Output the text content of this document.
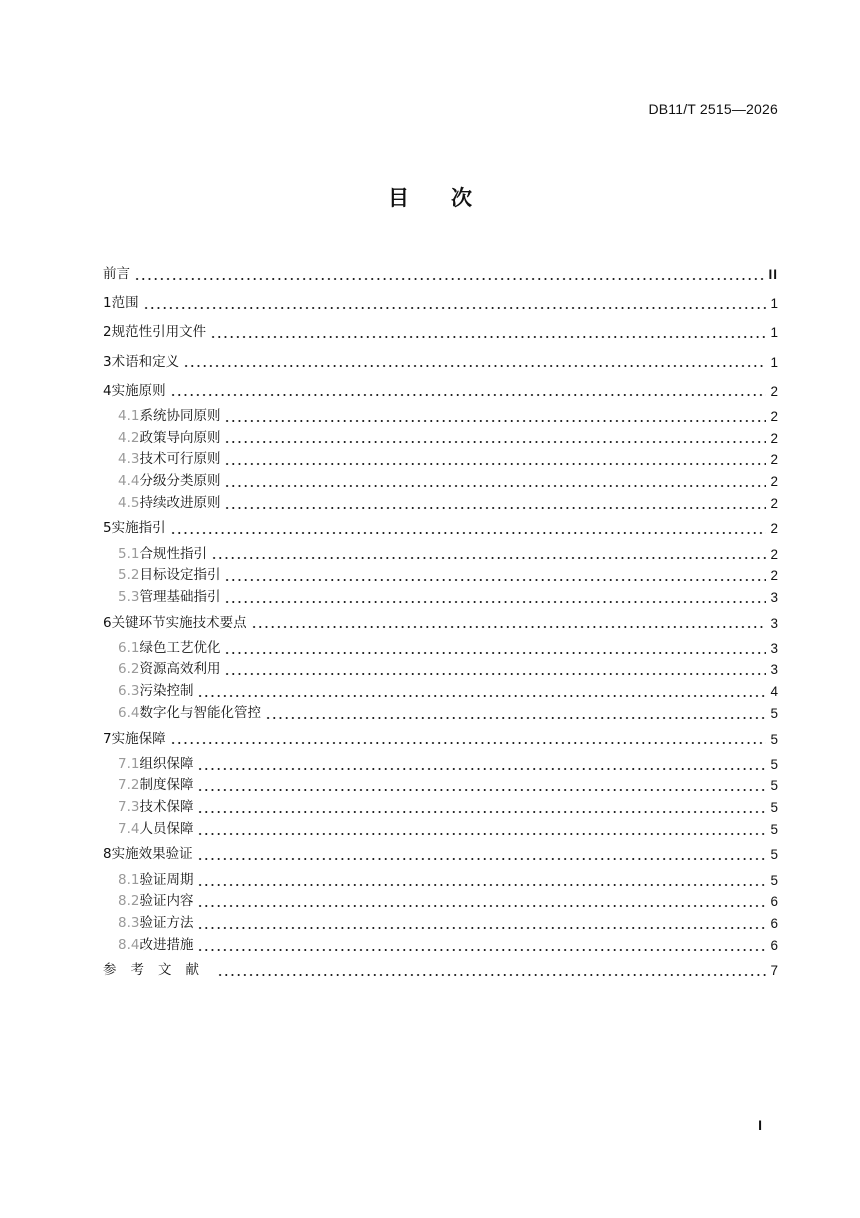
DB11/T 2515—2026
目　　次
前言	II
1 范围	1
2 规范性引用文件	1
3 术语和定义	1
4 实施原则	2
4.1 系统协同原则	2
4.2 政策导向原则	2
4.3 技术可行原则	2
4.4 分级分类原则	2
4.5 持续改进原则	2
5 实施指引	2
5.1 合规性指引	2
5.2 目标设定指引	2
5.3 管理基础指引	3
6 关键环节实施技术要点	3
6.1 绿色工艺优化	3
6.2 资源高效利用	3
6.3 污染控制	4
6.4 数字化与智能化管控	5
7 实施保障	5
7.1 组织保障	5
7.2 制度保障	5
7.3 技术保障	5
7.4 人员保障	5
8 实施效果验证	5
8.1 验证周期	5
8.2 验证内容	6
8.3 验证方法	6
8.4 改进措施	6
参考文献	7
I
